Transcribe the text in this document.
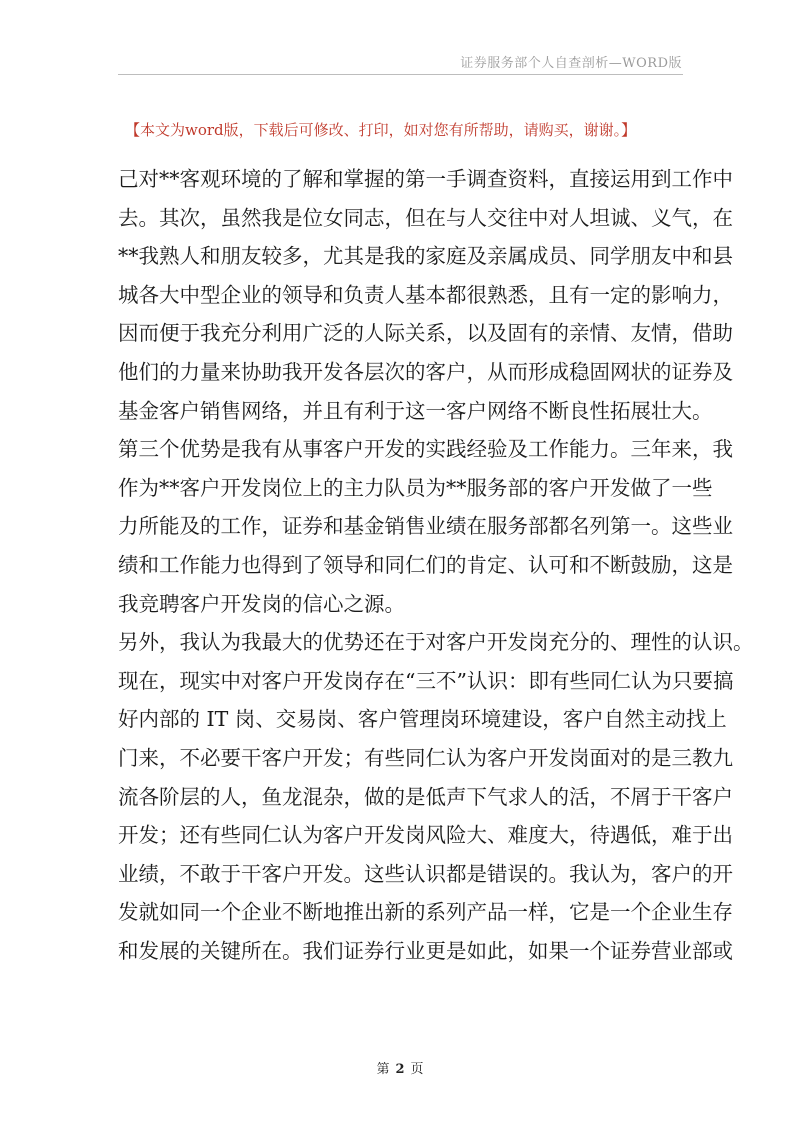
证券服务部个人自查剖析—WORD版
【本文为word版，下载后可修改、打印，如对您有所帮助，请购买，谢谢。】
己对**客观环境的了解和掌握的第一手调查资料，直接运用到工作中
去。其次，虽然我是位女同志，但在与人交往中对人坦诚、义气，在
**我熟人和朋友较多，尤其是我的家庭及亲属成员、同学朋友中和县
城各大中型企业的领导和负责人基本都很熟悉，且有一定的影响力，
因而便于我充分利用广泛的人际关系，以及固有的亲情、友情，借助
他们的力量来协助我开发各层次的客户，从而形成稳固网状的证券及
基金客户销售网络，并且有利于这一客户网络不断良性拓展壮大。
第三个优势是我有从事客户开发的实践经验及工作能力。三年来，我
作为**客户开发岗位上的主力队员为**服务部的客户开发做了一些
力所能及的工作，证券和基金销售业绩在服务部都名列第一。这些业
绩和工作能力也得到了领导和同仁们的肯定、认可和不断鼓励，这是
我竞聘客户开发岗的信心之源。
另外，我认为我最大的优势还在于对客户开发岗充分的、理性的认识。
现在，现实中对客户开发岗存在“三不”认识：即有些同仁认为只要搞
好内部的 IT 岗、交易岗、客户管理岗环境建设，客户自然主动找上
门来，不必要干客户开发；有些同仁认为客户开发岗面对的是三教九
流各阶层的人，鱼龙混杂，做的是低声下气求人的活，不屑于干客户
开发；还有些同仁认为客户开发岗风险大、难度大，待遇低，难于出
业绩，不敢于干客户开发。这些认识都是错误的。我认为，客户的开
发就如同一个企业不断地推出新的系列产品一样，它是一个企业生存
和发展的关键所在。我们证券行业更是如此，如果一个证券营业部或
第 2 页
